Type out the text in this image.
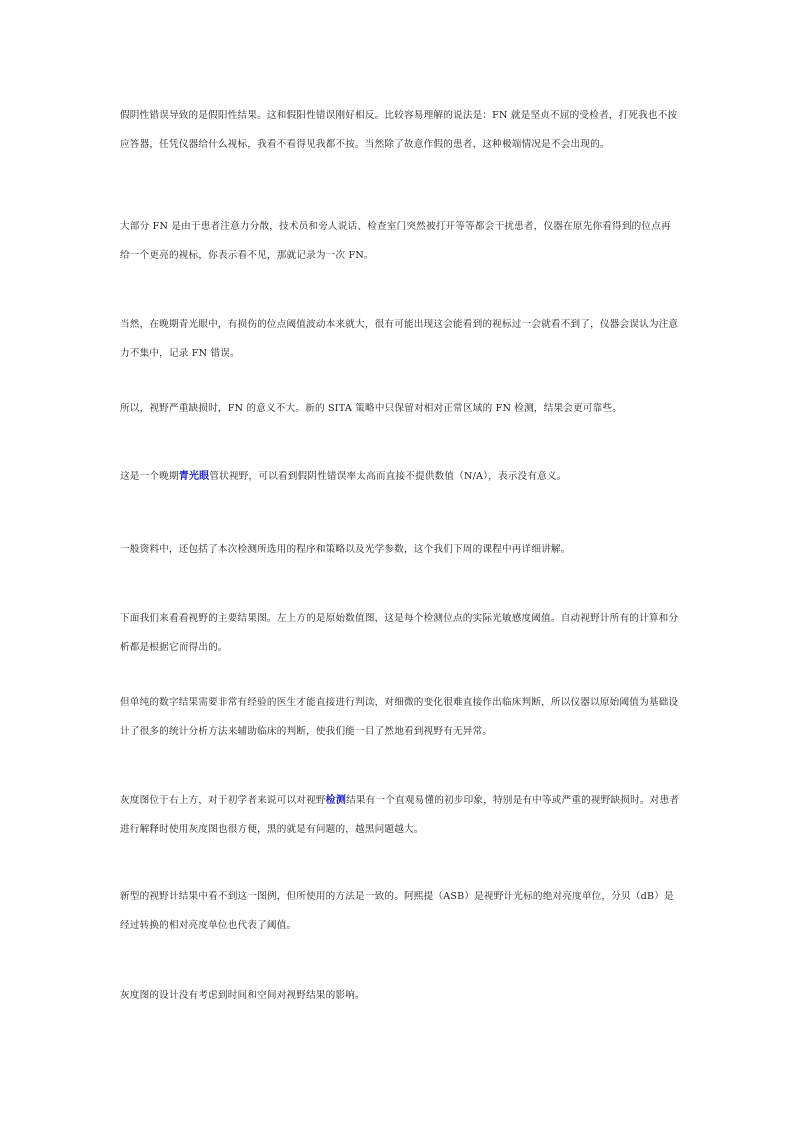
假阴性错误导致的是假阳性结果。这和假阳性错误刚好相反。比较容易理解的说法是：FN 就是坚贞不屈的受检者，打死我也不按应答器，任凭仪器给什么视标，我看不看得见我都不按。当然除了故意作假的患者，这种极端情况是不会出现的。

大部分 FN 是由于患者注意力分散，技术员和旁人说话、检查室门突然被打开等等都会干扰患者，仪器在原先你看得到的位点再给一个更亮的视标，你表示看不见，那就记录为一次 FN。

当然，在晚期青光眼中，有损伤的位点阈值波动本来就大，很有可能出现这会能看到的视标过一会就看不到了，仪器会误认为注意力不集中，记录 FN 错误。

所以，视野严重缺损时，FN 的意义不大。新的 SITA 策略中只保留对相对正常区域的 FN 检测，结果会更可靠些。

这是一个晚期青光眼管状视野，可以看到假阴性错误率太高而直接不提供数值（N/A），表示没有意义。

一般资料中，还包括了本次检测所选用的程序和策略以及光学参数，这个我们下周的课程中再详细讲解。

下面我们来看看视野的主要结果图。左上方的是原始数值图，这是每个检测位点的实际光敏感度阈值。自动视野计所有的计算和分析都是根据它而得出的。

但单纯的数字结果需要非常有经验的医生才能直接进行判读，对细微的变化很难直接作出临床判断，所以仪器以原始阈值为基础设计了很多的统计分析方法来辅助临床的判断，使我们能一目了然地看到视野有无异常。

灰度图位于右上方，对于初学者来说可以对视野检测结果有一个直观易懂的初步印象，特别是有中等或严重的视野缺损时。对患者进行解释时使用灰度图也很方便，黑的就是有问题的，越黑问题越大。

新型的视野计结果中看不到这一图例，但所使用的方法是一致的。阿熙提（ASB）是视野计光标的绝对亮度单位，分贝（dB）是经过转换的相对亮度单位也代表了阈值。

灰度图的设计没有考虑到时间和空间对视野结果的影响。
